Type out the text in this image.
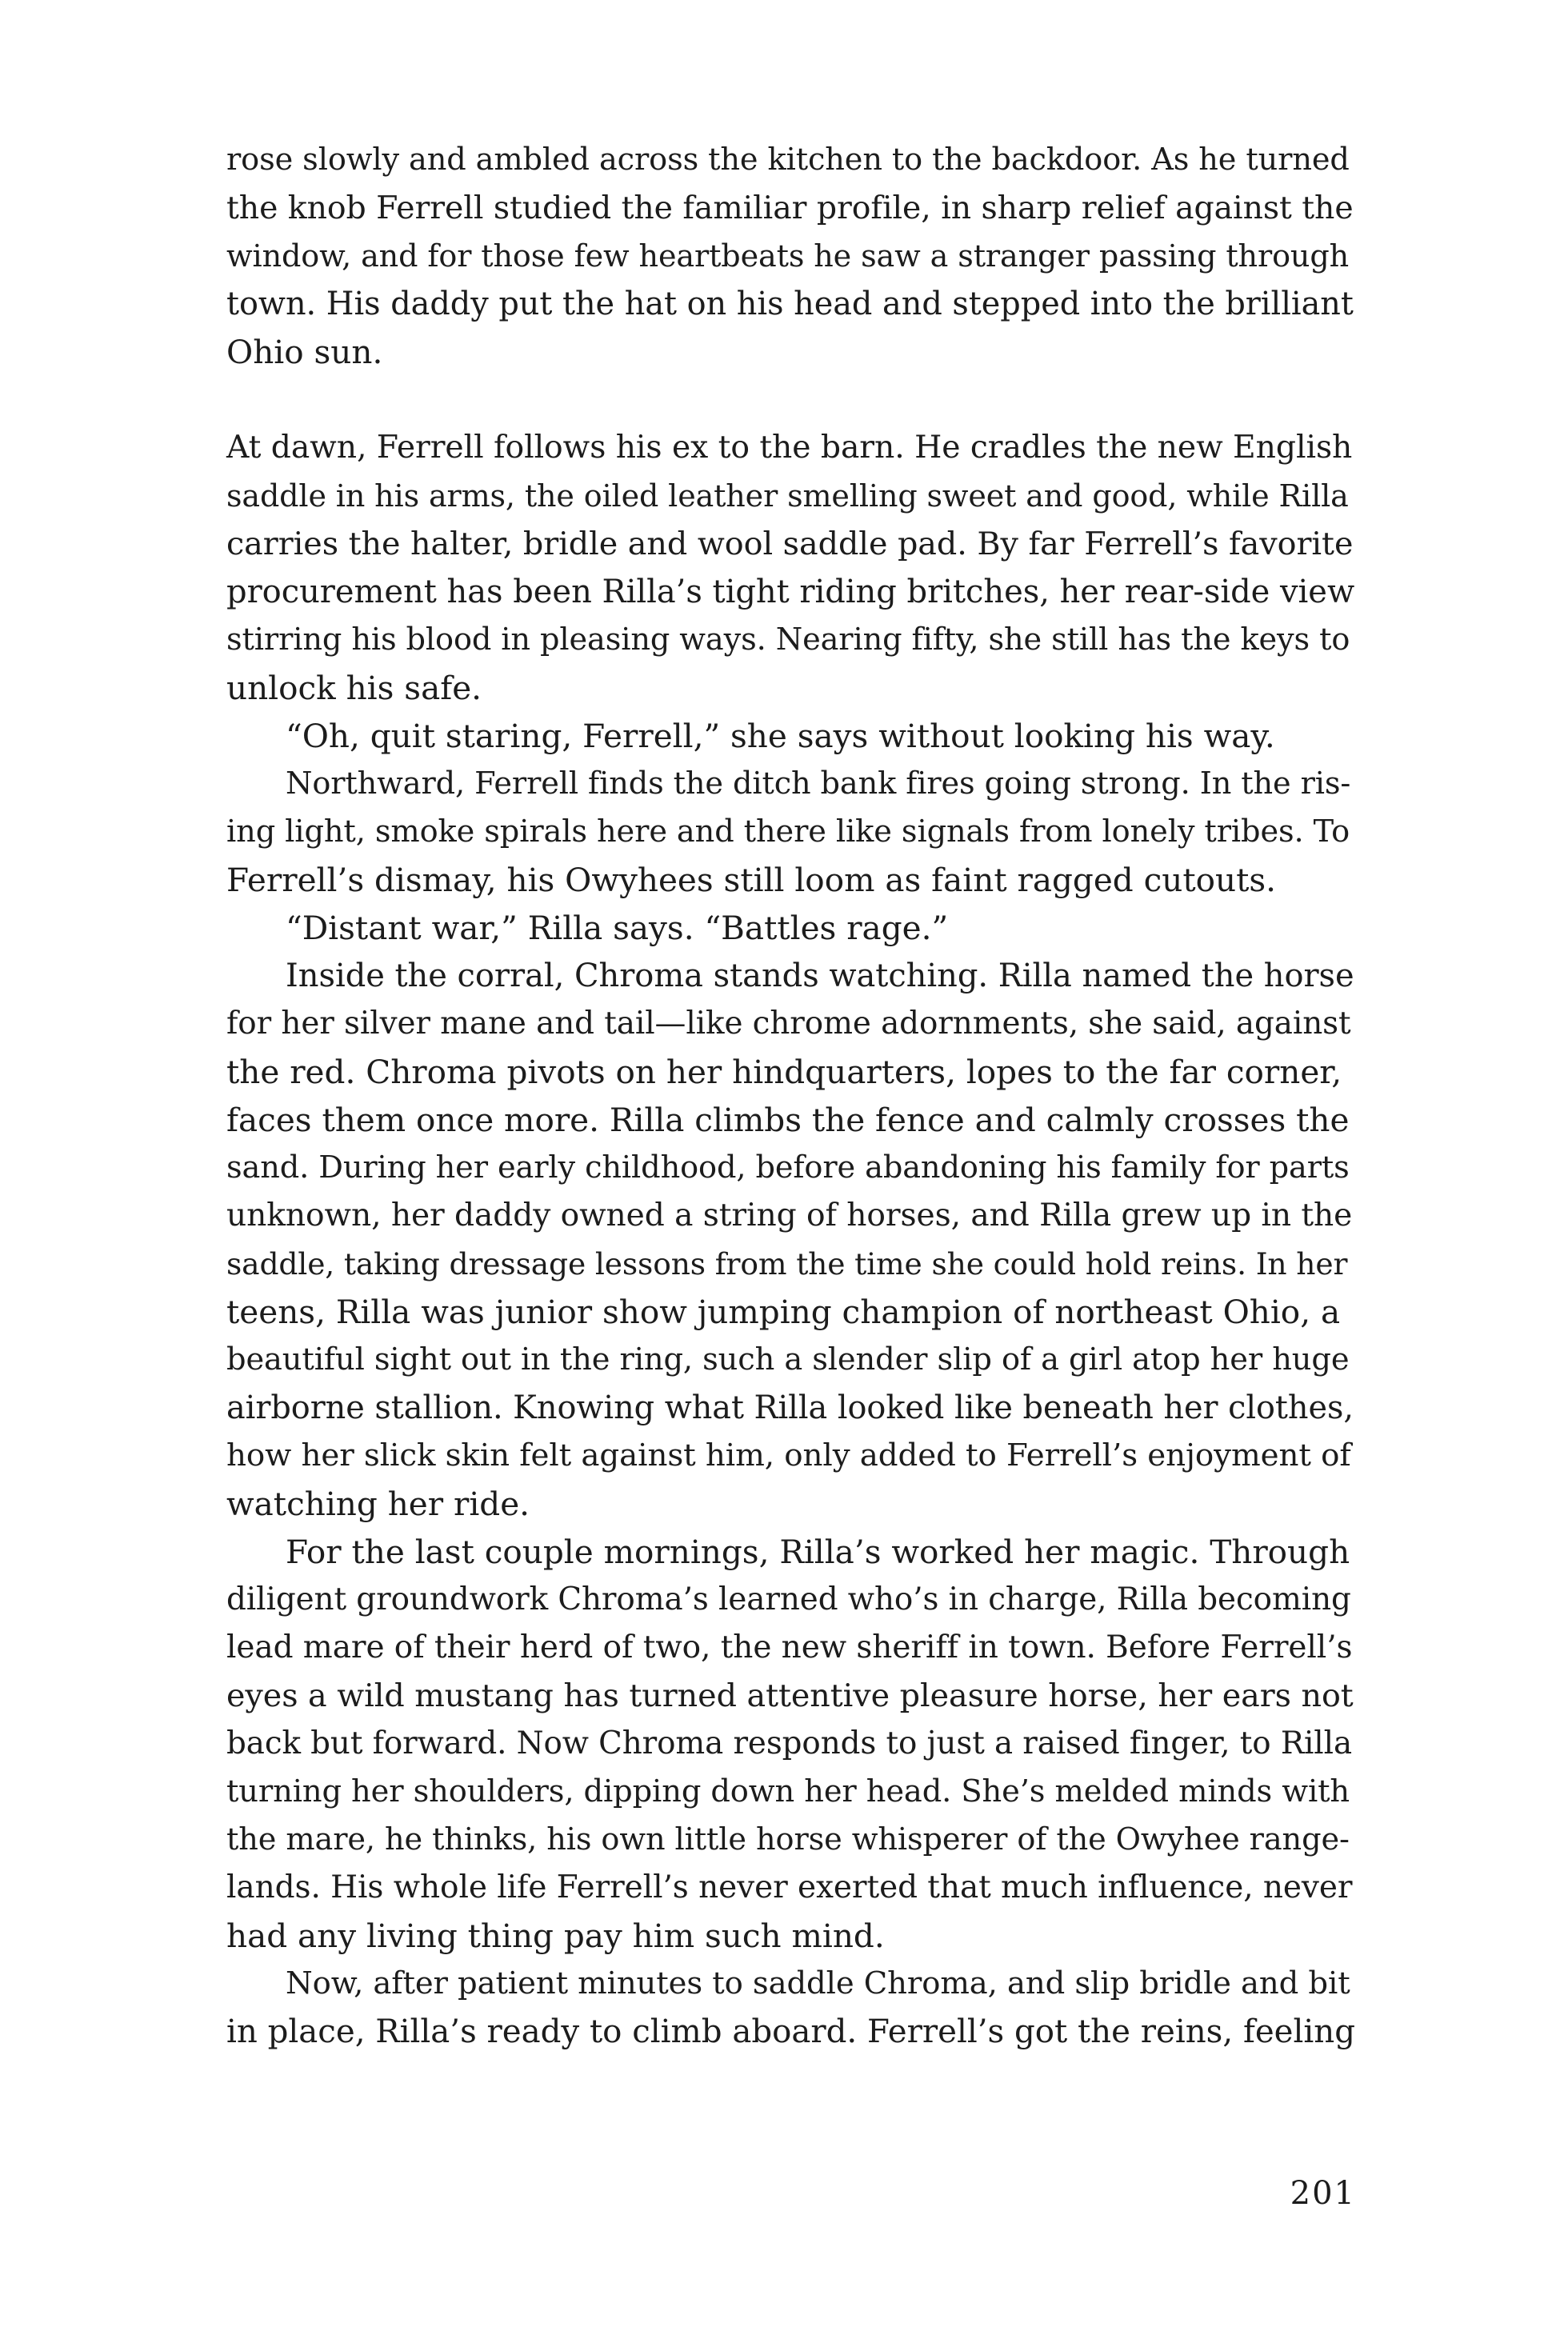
rose slowly and ambled across the kitchen to the backdoor. As he turned
the knob Ferrell studied the familiar profile, in sharp relief against the
window, and for those few heartbeats he saw a stranger passing through
town. His daddy put the hat on his head and stepped into the brilliant
Ohio sun.
At dawn, Ferrell follows his ex to the barn. He cradles the new English
saddle in his arms, the oiled leather smelling sweet and good, while Rilla
carries the halter, bridle and wool saddle pad. By far Ferrell’s favorite
procurement has been Rilla’s tight riding britches, her rear-side view
stirring his blood in pleasing ways. Nearing fifty, she still has the keys to
unlock his safe.
“Oh, quit staring, Ferrell,” she says without looking his way.
Northward, Ferrell finds the ditch bank fires going strong. In the ris-
ing light, smoke spirals here and there like signals from lonely tribes. To
Ferrell’s dismay, his Owyhees still loom as faint ragged cutouts.
“Distant war,” Rilla says. “Battles rage.”
Inside the corral, Chroma stands watching. Rilla named the horse
for her silver mane and tail—like chrome adornments, she said, against
the red. Chroma pivots on her hindquarters, lopes to the far corner,
faces them once more. Rilla climbs the fence and calmly crosses the
sand. During her early childhood, before abandoning his family for parts
unknown, her daddy owned a string of horses, and Rilla grew up in the
saddle, taking dressage lessons from the time she could hold reins. In her
teens, Rilla was junior show jumping champion of northeast Ohio, a
beautiful sight out in the ring, such a slender slip of a girl atop her huge
airborne stallion. Knowing what Rilla looked like beneath her clothes,
how her slick skin felt against him, only added to Ferrell’s enjoyment of
watching her ride.
For the last couple mornings, Rilla’s worked her magic. Through
diligent groundwork Chroma’s learned who’s in charge, Rilla becoming
lead mare of their herd of two, the new sheriff in town. Before Ferrell’s
eyes a wild mustang has turned attentive pleasure horse, her ears not
back but forward. Now Chroma responds to just a raised finger, to Rilla
turning her shoulders, dipping down her head. She’s melded minds with
the mare, he thinks, his own little horse whisperer of the Owyhee range-
lands. His whole life Ferrell’s never exerted that much influence, never
had any living thing pay him such mind.
Now, after patient minutes to saddle Chroma, and slip bridle and bit
in place, Rilla’s ready to climb aboard. Ferrell’s got the reins, feeling
201
